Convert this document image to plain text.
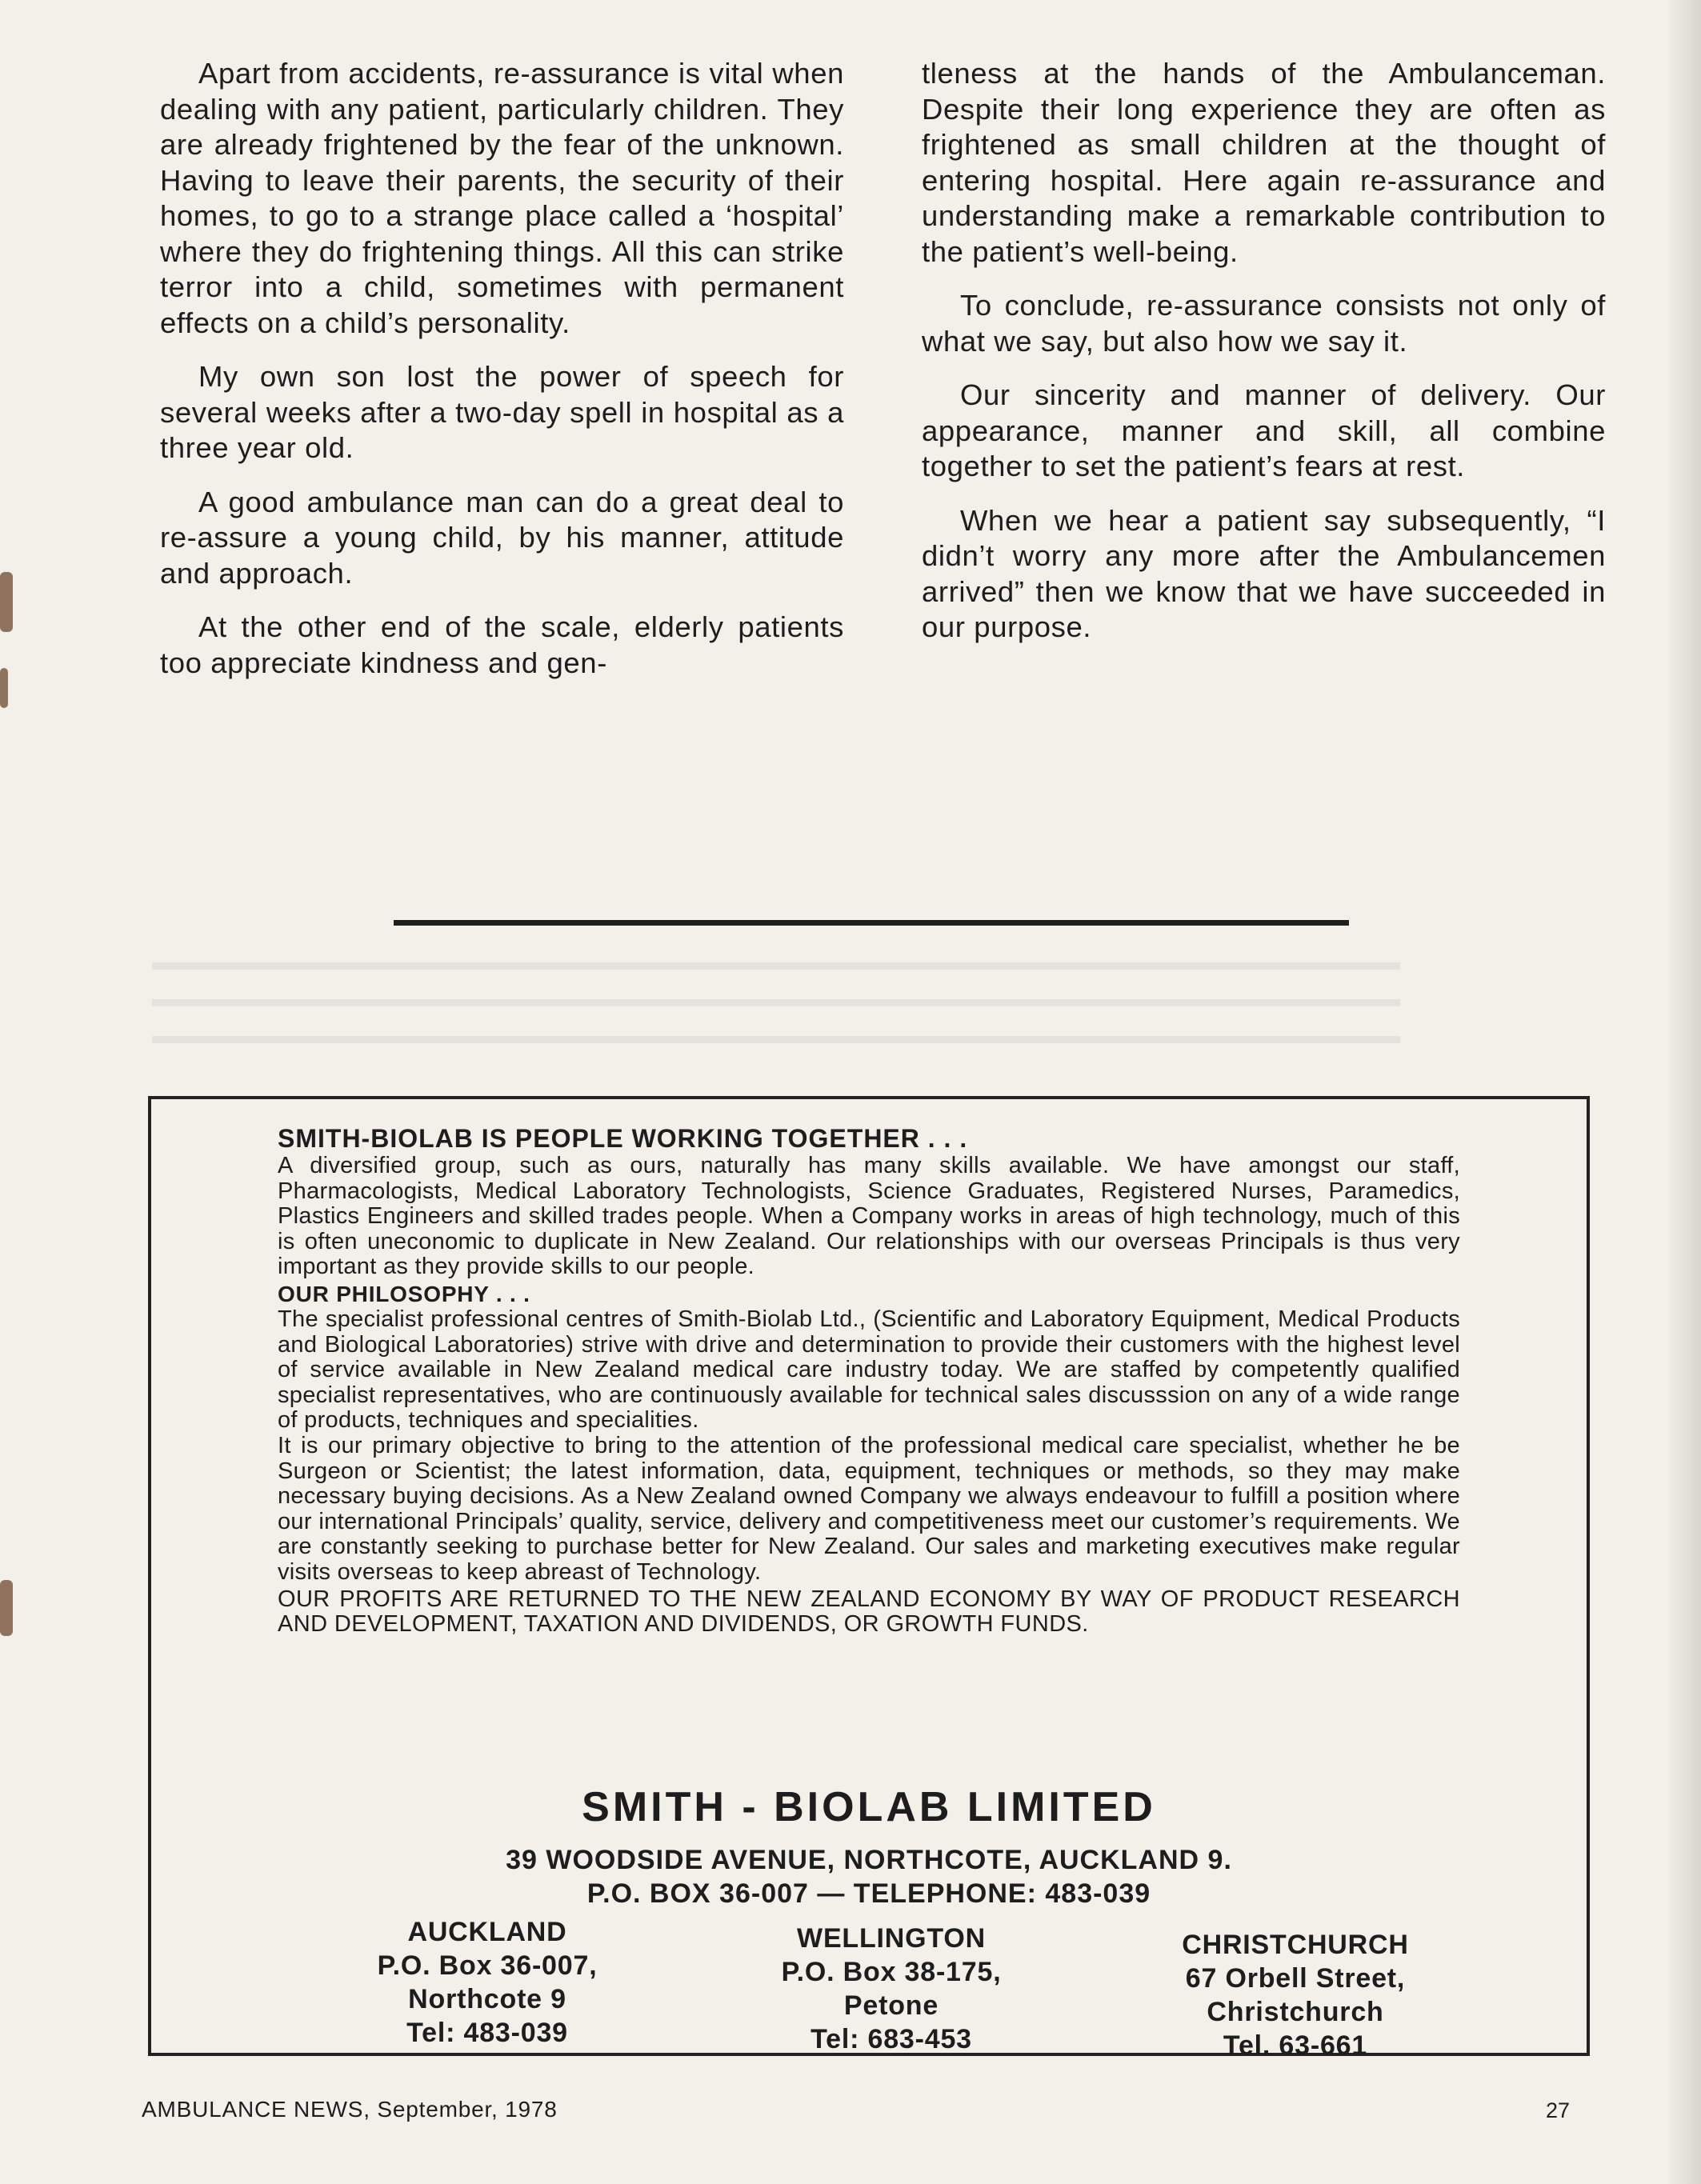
▬▬▬▬▬▬▬▬▬▬▬▬▬▬▬▬▬▬▬▬▬▬▬▬▬▬▬▬▬▬▬▬▬▬▬▬▬▬▬▬▬▬▬▬▬▬▬▬▬▬▬▬
▬▬▬▬▬▬▬▬▬▬▬▬▬▬▬▬▬▬▬▬▬▬▬▬▬▬▬▬▬▬▬▬▬▬▬▬▬▬▬▬▬▬▬▬▬▬▬▬▬▬▬▬
▬▬▬▬▬▬▬▬▬▬▬▬▬▬▬▬▬▬▬▬▬▬▬▬▬▬▬▬▬▬▬▬▬▬▬▬▬▬▬▬▬▬▬▬▬▬▬▬▬▬▬▬

Apart from accidents, re-assurance is vital when dealing with any patient, particularly children. They are already frightened by the fear of the unknown. Having to leave their parents, the security of their homes, to go to a strange place called a ‘hospital’ where they do frightening things. All this can strike terror into a child, sometimes with permanent effects on a child’s personality.

My own son lost the power of speech for several weeks after a two-day spell in hospital as a three year old.

A good ambulance man can do a great deal to re-assure a young child, by his manner, attitude and approach.

At the other end of the scale, elderly patients too appreciate kindness and gen-

tleness at the hands of the Ambulanceman. Despite their long experience they are often as frightened as small children at the thought of entering hospital. Here again re-assurance and understanding make a remarkable contribution to the patient’s well-being.

To conclude, re-assurance consists not only of what we say, but also how we say it.

Our sincerity and manner of delivery. Our appearance, manner and skill, all combine together to set the patient’s fears at rest.

When we hear a patient say subsequently, “I didn’t worry any more after the Ambulancemen arrived” then we know that we have succeeded in our purpose.

SMITH-BIOLAB IS PEOPLE WORKING TOGETHER . . .

A diversified group, such as ours, naturally has many skills available. We have amongst our staff, Pharmacologists, Medical Laboratory Technologists, Science Graduates, Registered Nurses, Paramedics, Plastics Engineers and skilled trades people. When a Company works in areas of high technology, much of this is often uneconomic to duplicate in New Zealand. Our relationships with our overseas Principals is thus very important as they provide skills to our people.

OUR PHILOSOPHY . . .

The specialist professional centres of Smith-Biolab Ltd., (Scientific and Laboratory Equipment, Medical Products and Biological Laboratories) strive with drive and determination to provide their customers with the highest level of service available in New Zealand medical care industry today. We are staffed by competently qualified specialist representatives, who are continuously available for technical sales discusssion on any of a wide range of products, techniques and specialities.

It is our primary objective to bring to the attention of the professional medical care specialist, whether he be Surgeon or Scientist; the latest information, data, equipment, techniques or methods, so they may make necessary buying decisions. As a New Zealand owned Company we always endeavour to fulfill a position where our international Principals’ quality, service, delivery and competitiveness meet our customer’s requirements. We are constantly seeking to purchase better for New Zealand. Our sales and marketing executives make regular visits overseas to keep abreast of Technology.

OUR PROFITS ARE RETURNED TO THE NEW ZEALAND ECONOMY BY WAY OF PRODUCT RESEARCH AND DEVELOPMENT, TAXATION AND DIVIDENDS, OR GROWTH FUNDS.

SMITH - BIOLAB LIMITED
39 WOODSIDE AVENUE, NORTHCOTE, AUCKLAND 9.
P.O. BOX 36-007 — TELEPHONE: 483-039
AUCKLAND
P.O. Box 36-007,
Northcote 9
Tel: 483-039
WELLINGTON
P.O. Box 38-175,
Petone
Tel: 683-453
CHRISTCHURCH
67 Orbell Street,
Christchurch
Tel. 63-661
AMBULANCE NEWS, September, 1978	27
